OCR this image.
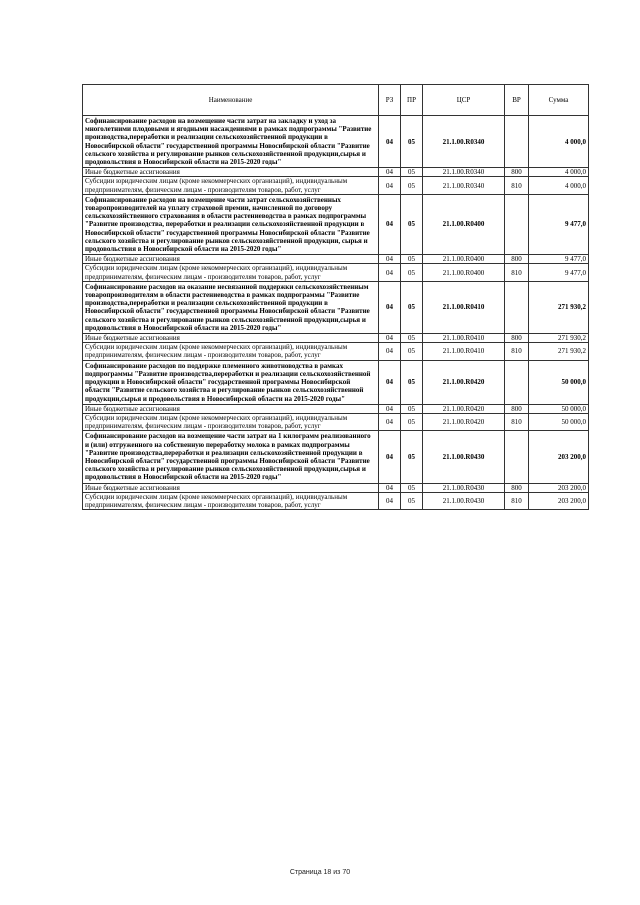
Наименование	РЗ	ПР	ЦСР	ВР	Сумма
Софинансирование расходов на возмещение части затрат на закладку и уход за многолетними плодовыми и ягодными насаждениями в рамках подпрограммы "Развитие производства,переработки и реализации сельскохозяйственной продукции в Новосибирской области" государственной программы Новосибирской области "Развитие сельского хозяйства и регулирование рынков сельскохозяйственной продукции,сырья и продовольствия в Новосибирской области на 2015-2020 годы"	04	05	21.1.00.R0340		4 000,0
Иные бюджетные ассигнования	04	05	21.1.00.R0340	800	4 000,0
Субсидии юридическим лицам (кроме некоммерческих организаций), индивидуальным предпринимателям, физическим лицам - производителям товаров, работ, услуг	04	05	21.1.00.R0340	810	4 000,0
Софинансирование расходов на возмещение части затрат сельскохозяйственных товаропроизводителей на уплату страховой премии, начисленной по договору сельскохозяйственного страхования в области растениеводства в рамках подпрограммы "Развитие производства, переработки и реализации сельскохозяйственной продукции в Новосибирской области" государственной программы Новосибирской области "Развитие сельского хозяйства и регулирование рынков сельскохозяйственной продукции, сырья и продовольствия в Новосибирской области на 2015-2020 годы"	04	05	21.1.00.R0400		9 477,0
Иные бюджетные ассигнования	04	05	21.1.00.R0400	800	9 477,0
Субсидии юридическим лицам (кроме некоммерческих организаций), индивидуальным предпринимателям, физическим лицам - производителям товаров, работ, услуг	04	05	21.1.00.R0400	810	9 477,0
Софинансирование расходов на оказание несвязанной поддержки сельскохозяйственным товаропроизводителям в области растениеводства в рамках подпрограммы "Развитие производства,переработки и реализации сельскохозяйственной продукции в Новосибирской области" государственной программы Новосибирской области "Развитие сельского хозяйства и регулирование рынков сельскохозяйственной продукции,сырья и продовольствия в Новосибирской области на 2015-2020 годы"	04	05	21.1.00.R0410		271 930,2
Иные бюджетные ассигнования	04	05	21.1.00.R0410	800	271 930,2
Субсидии юридическим лицам (кроме некоммерческих организаций), индивидуальным предпринимателям, физическим лицам - производителям товаров, работ, услуг	04	05	21.1.00.R0410	810	271 930,2
Софинансирование расходов по поддержке племенного животноводства в рамках подпрограммы "Развитие производства,переработки и реализации сельскохозяйственной продукции в Новосибирской области" государственной программы Новосибирской области "Развитие сельского хозяйства и регулирование рынков сельскохозяйственной продукции,сырья и продовольствия в Новосибирской области на 2015-2020 годы"	04	05	21.1.00.R0420		50 000,0
Иные бюджетные ассигнования	04	05	21.1.00.R0420	800	50 000,0
Субсидии юридическим лицам (кроме некоммерческих организаций), индивидуальным предпринимателям, физическим лицам - производителям товаров, работ, услуг	04	05	21.1.00.R0420	810	50 000,0
Софинансирование расходов на возмещение части затрат на 1 килограмм реализованного и (или) отгруженного на собственную переработку молока в рамках подпрограммы "Развитие производства,переработки и реализации сельскохозяйственной продукции в Новосибирской области" государственной программы Новосибирской области "Развитие сельского хозяйства и регулирование рынков сельскохозяйственной продукции,сырья и продовольствия в Новосибирской области на 2015-2020 годы"	04	05	21.1.00.R0430		203 200,0
Иные бюджетные ассигнования	04	05	21.1.00.R0430	800	203 200,0
Субсидии юридическим лицам (кроме некоммерческих организаций), индивидуальным предпринимателям, физическим лицам - производителям товаров, работ, услуг	04	05	21.1.00.R0430	810	203 200,0
Страница 18 из 70
